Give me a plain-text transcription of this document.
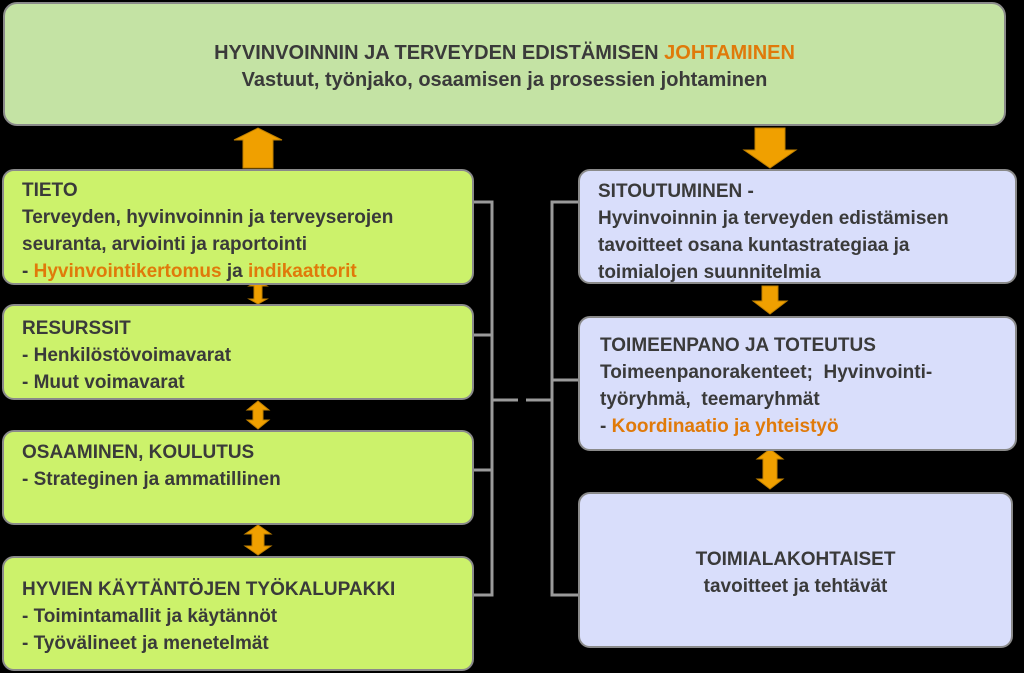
HYVINVOINNIN JA TERVEYDEN EDISTÄMISEN JOHTAMINEN
Vastuut, työnjako, osaamisen ja prosessien johtaminen
TIETO
Terveyden, hyvinvoinnin ja terveyserojen
seuranta, arviointi ja raportointi
- Hyvinvointikertomus ja indikaattorit
RESURSSIT
- Henkilöstövoimavarat
- Muut voimavarat
OSAAMINEN, KOULUTUS
- Strateginen ja ammatillinen
HYVIEN KÄYTÄNTÖJEN TYÖKALUPAKKI
- Toimintamallit ja käytännöt
- Työvälineet ja menetelmät
SITOUTUMINEN -
Hyvinvoinnin ja terveyden edistämisen
tavoitteet osana kuntastrategiaa ja
toimialojen suunnitelmia
TOIMEENPANO JA TOTEUTUS
Toimeenpanorakenteet;  Hyvinvointi-
työryhmä,  teemaryhmät
- Koordinaatio ja yhteistyö
TOIMIALAKOHTAISET
tavoitteet ja tehtävät
